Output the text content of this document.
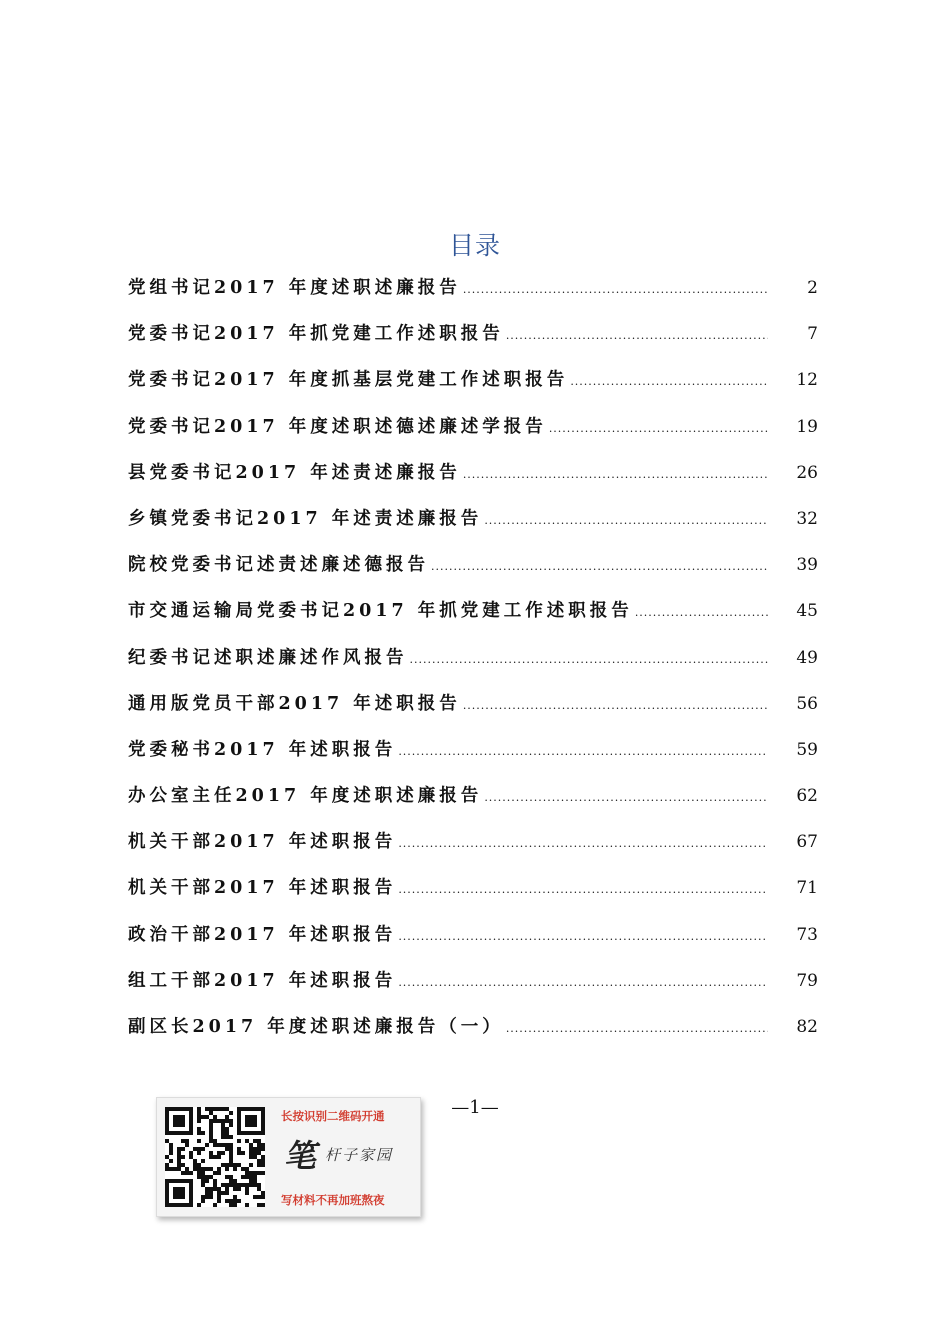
目录
党组书记2017 年度述职述廉报告 .....	2
党委书记2017 年抓党建工作述职报告 .....	7
党委书记2017 年度抓基层党建工作述职报告 .....	12
党委书记2017 年度述职述德述廉述学报告 .....	19
县党委书记2017 年述责述廉报告 .....	26
乡镇党委书记2017 年述责述廉报告 .....	32
院校党委书记述责述廉述德报告 .....	39
市交通运输局党委书记2017 年抓党建工作述职报告 .....	45
纪委书记述职述廉述作风报告 .....	49
通用版党员干部2017 年述职报告 .....	56
党委秘书2017 年述职报告 .....	59
办公室主任2017 年度述职述廉报告 .....	62
机关干部2017 年述职报告 .....	67
机关干部2017 年述职报告 .....	71
政治干部2017 年述职报告 .....	73
组工干部2017 年述职报告 .....	79
副区长2017 年度述职述廉报告（一） .....	82
—1—
长按识别二维码开通
笔 杆子家园
写材料不再加班熬夜
